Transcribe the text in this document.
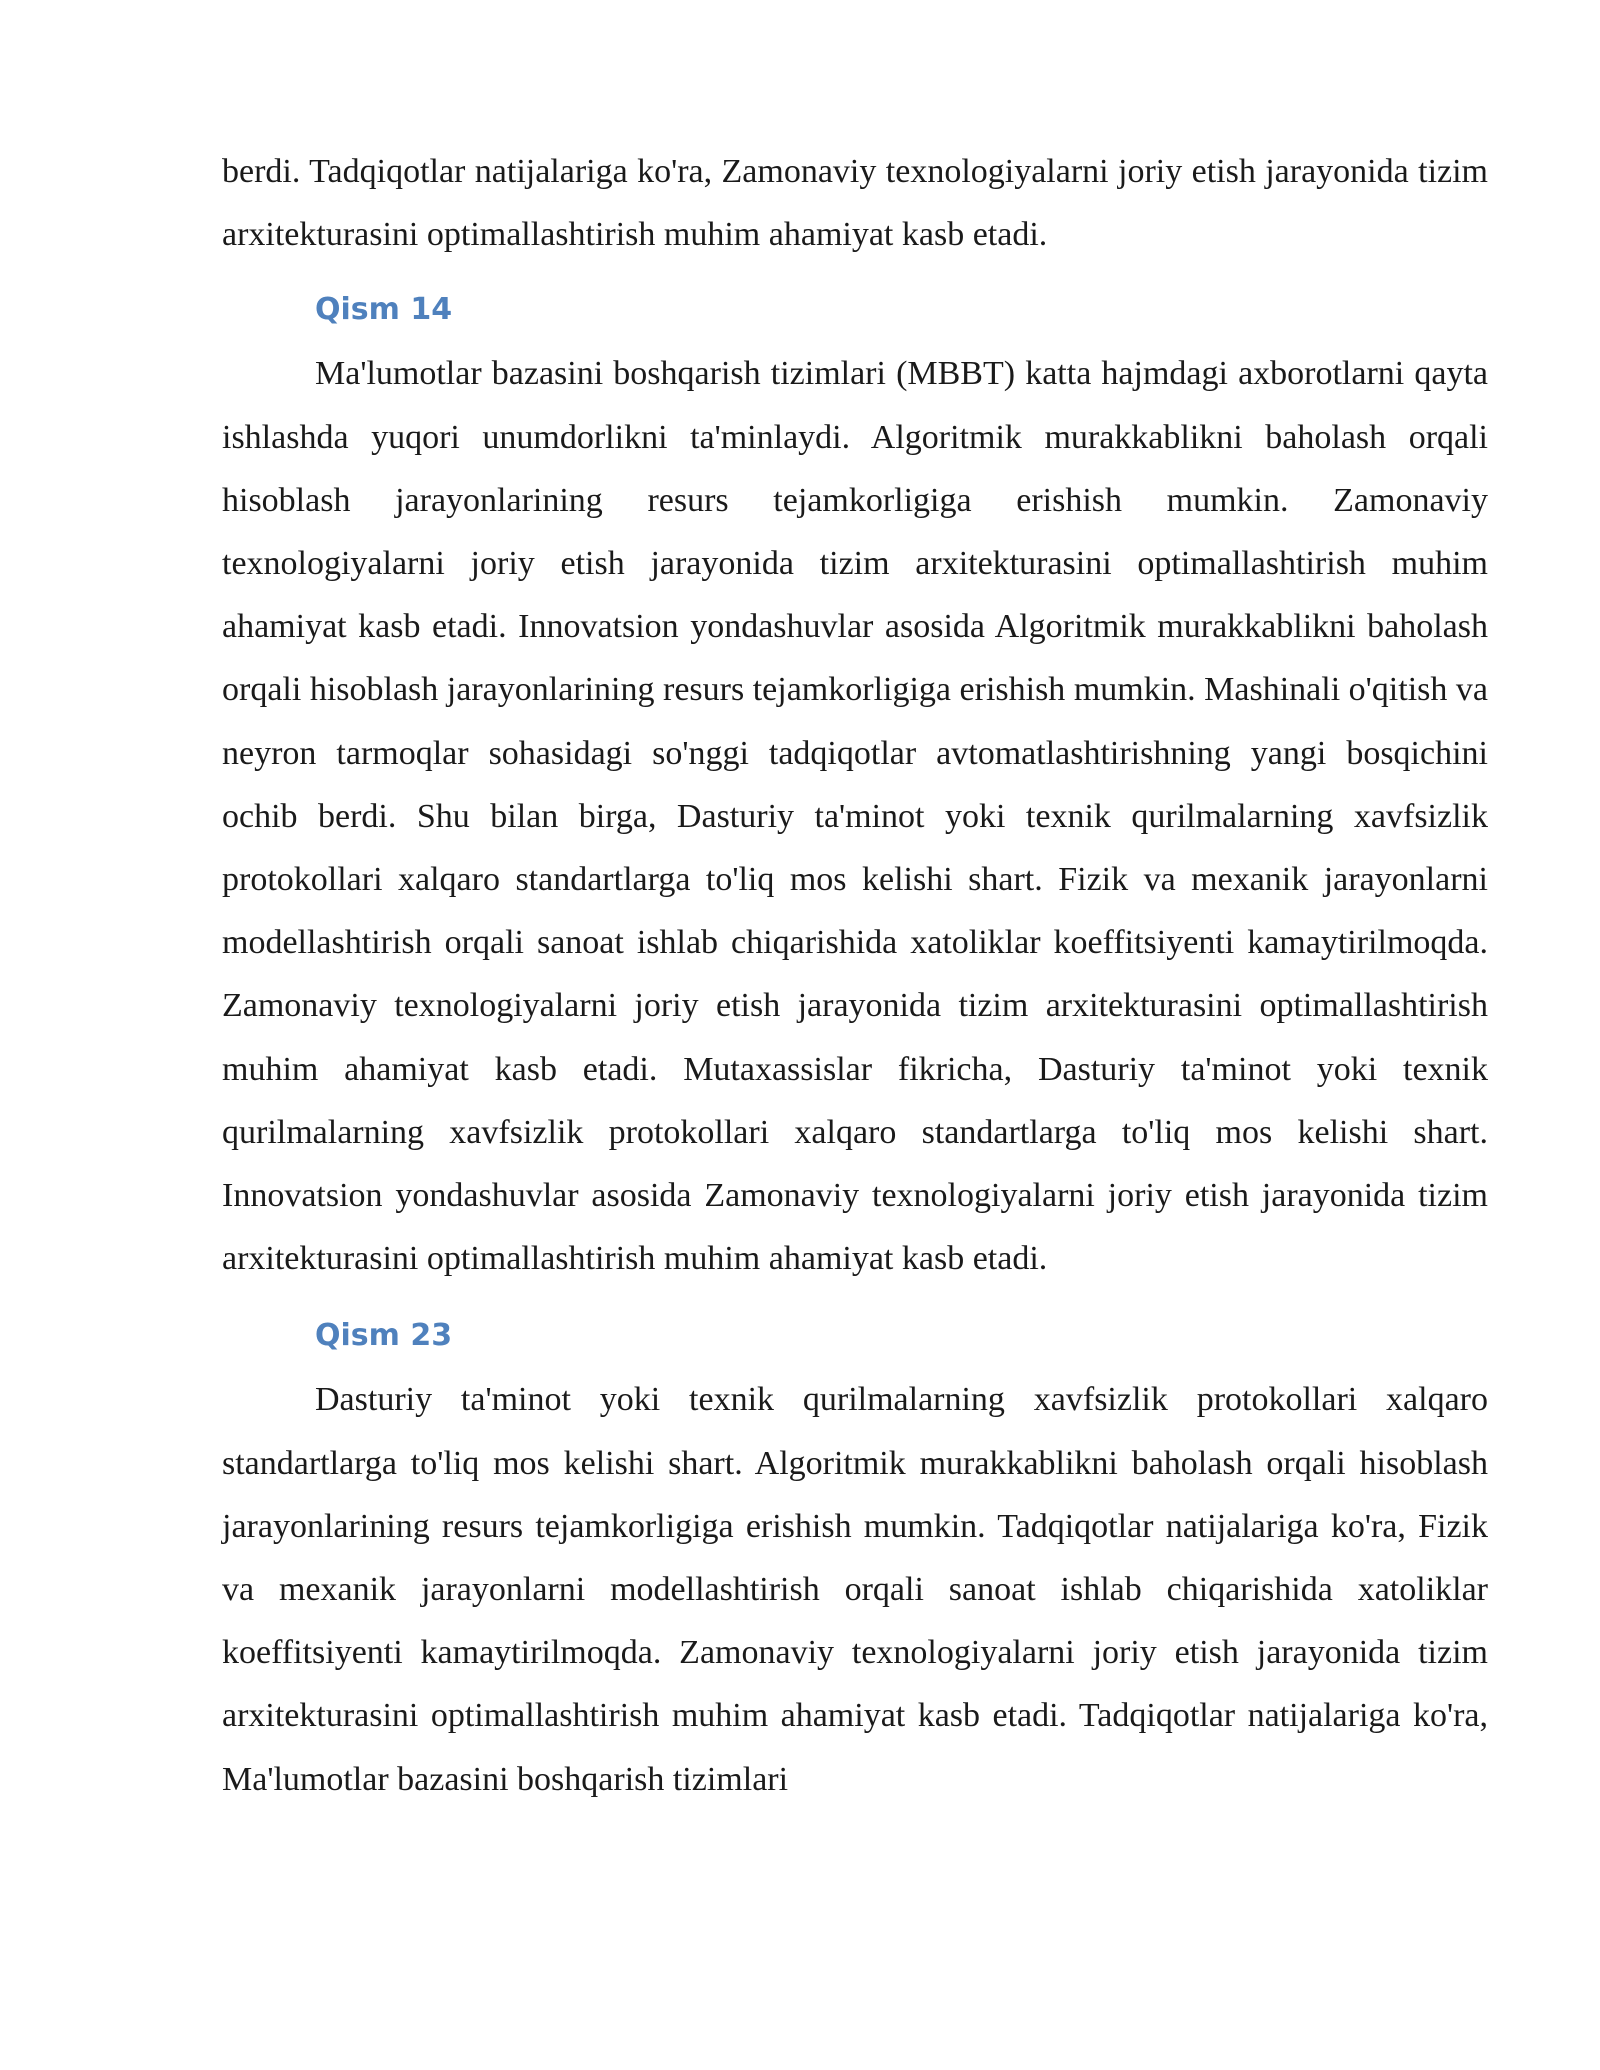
berdi. Tadqiqotlar natijalariga ko'ra, Zamonaviy texnologiyalarni joriy etish jarayonida tizim arxitekturasini optimallashtirish muhim ahamiyat kasb etadi.

Qism 14

Ma'lumotlar bazasini boshqarish tizimlari (MBBT) katta hajmdagi axborotlarni qayta ishlashda yuqori unumdorlikni ta'minlaydi. Algoritmik murakkablikni baholash orqali hisoblash jarayonlarining resurs tejamkorligiga erishish mumkin. Zamonaviy texnologiyalarni joriy etish jarayonida tizim arxitekturasini optimallashtirish muhim ahamiyat kasb etadi. Innovatsion yondashuvlar asosida Algoritmik murakkablikni baholash orqali hisoblash jarayonlarining resurs tejamkorligiga erishish mumkin. Mashinali o'qitish va neyron tarmoqlar sohasidagi so'nggi tadqiqotlar avtomatlashtirishning yangi bosqichini ochib berdi. Shu bilan birga, Dasturiy ta'minot yoki texnik qurilmalarning xavfsizlik protokollari xalqaro standartlarga to'liq mos kelishi shart. Fizik va mexanik jarayonlarni modellashtirish orqali sanoat ishlab chiqarishida xatoliklar koeffitsiyenti kamaytirilmoqda. Zamonaviy texnologiyalarni joriy etish jarayonida tizim arxitekturasini optimallashtirish muhim ahamiyat kasb etadi. Mutaxassislar fikricha, Dasturiy ta'minot yoki texnik qurilmalarning xavfsizlik protokollari xalqaro standartlarga to'liq mos kelishi shart. Innovatsion yondashuvlar asosida Zamonaviy texnologiyalarni joriy etish jarayonida tizim arxitekturasini optimallashtirish muhim ahamiyat kasb etadi.

Qism 23

Dasturiy ta'minot yoki texnik qurilmalarning xavfsizlik protokollari xalqaro standartlarga to'liq mos kelishi shart. Algoritmik murakkablikni baholash orqali hisoblash jarayonlarining resurs tejamkorligiga erishish mumkin. Tadqiqotlar natijalariga ko'ra, Fizik va mexanik jarayonlarni modellashtirish orqali sanoat ishlab chiqarishida xatoliklar koeffitsiyenti kamaytirilmoqda. Zamonaviy texnologiyalarni joriy etish jarayonida tizim arxitekturasini optimallashtirish muhim ahamiyat kasb etadi. Tadqiqotlar natijalariga ko'ra, Ma'lumotlar bazasini boshqarish tizimlari
